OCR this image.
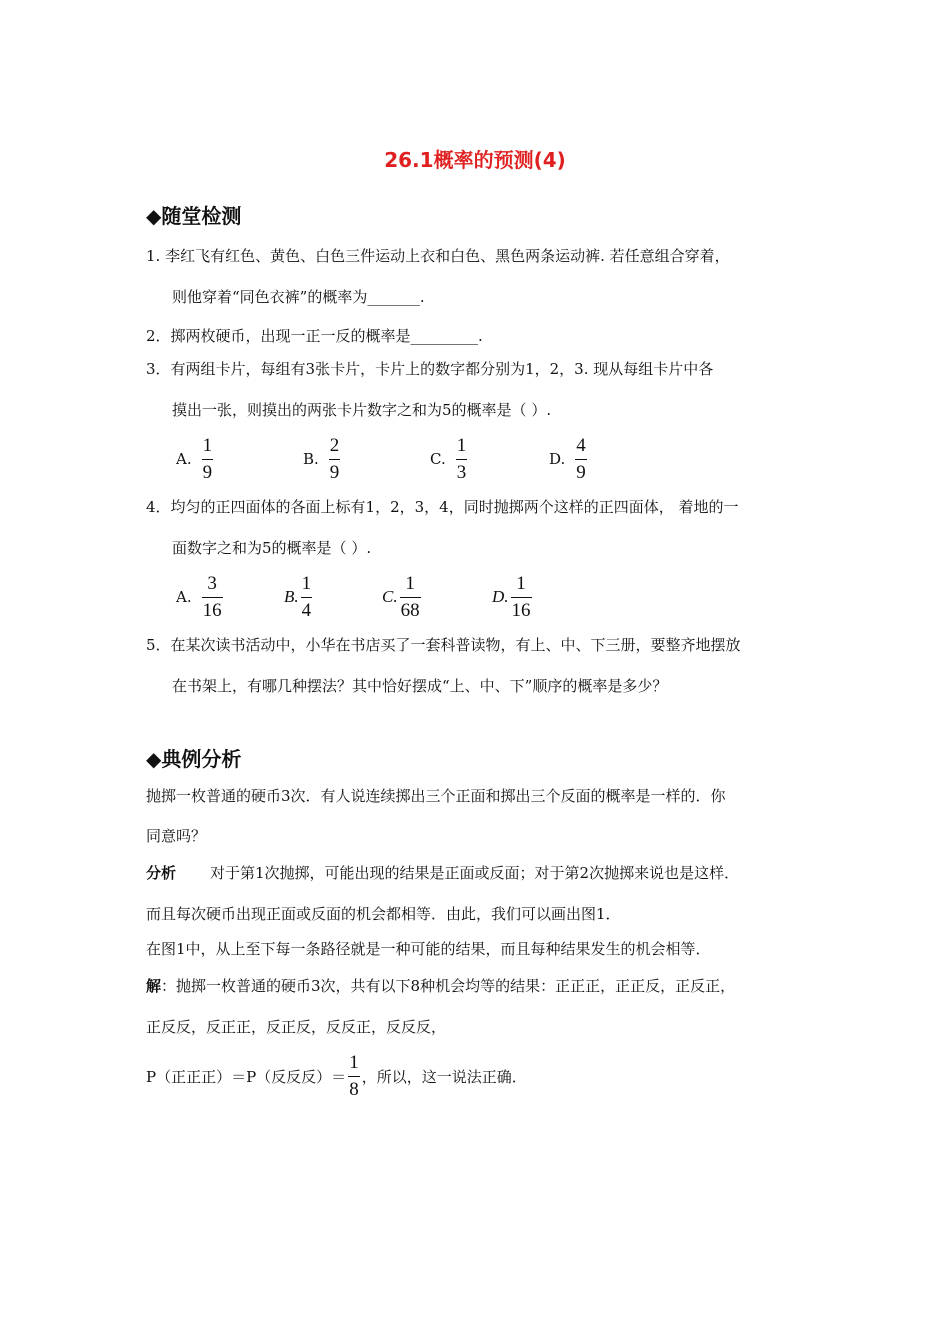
26.1概率的预测(4)
◆随堂检测
1. 李红飞有红色、黄色、白色三件运动上衣和白色、黑色两条运动裤. 若任意组合穿着，
则他穿着“同色衣裤”的概率为_______.
2．掷两枚硬币，出现一正一反的概率是_________.
3．有两组卡片，每组有3张卡片，卡片上的数字都分别为1，2，3. 现从每组卡片中各
摸出一张，则摸出的两张卡片数字之和为5的概率是（ ）.
A. $\frac{1}{9}$	B. $\frac{2}{9}$	C. $\frac{1}{3}$	D. $\frac{4}{9}$
4．均匀的正四面体的各面上标有1，2，3，4，同时抛掷两个这样的正四面体， 着地的一
面数字之和为5的概率是（ ）.
A. $\frac{3}{16}$	B. $\frac{1}{4}$	C. $\frac{1}{68}$	D. $\frac{1}{16}$
5．在某次读书活动中，小华在书店买了一套科普读物，有上、中、下三册，要整齐地摆放
在书架上，有哪几种摆法？其中恰好摆成“上、中、下”顺序的概率是多少？
◆典例分析
抛掷一枚普通的硬币3次．有人说连续掷出三个正面和掷出三个反面的概率是一样的．你
同意吗？
分析 对于第1次抛掷，可能出现的结果是正面或反面；对于第2次抛掷来说也是这样．
而且每次硬币出现正面或反面的机会都相等．由此，我们可以画出图1．
在图1中，从上至下每一条路径就是一种可能的结果，而且每种结果发生的机会相等．
解：抛掷一枚普通的硬币3次，共有以下8种机会均等的结果：正正正，正正反，正反正，
正反反，反正正，反正反，反反正，反反反，
P（正正正）＝P（反反反）＝ $\frac{1}{8}$ ，所以，这一说法正确．
